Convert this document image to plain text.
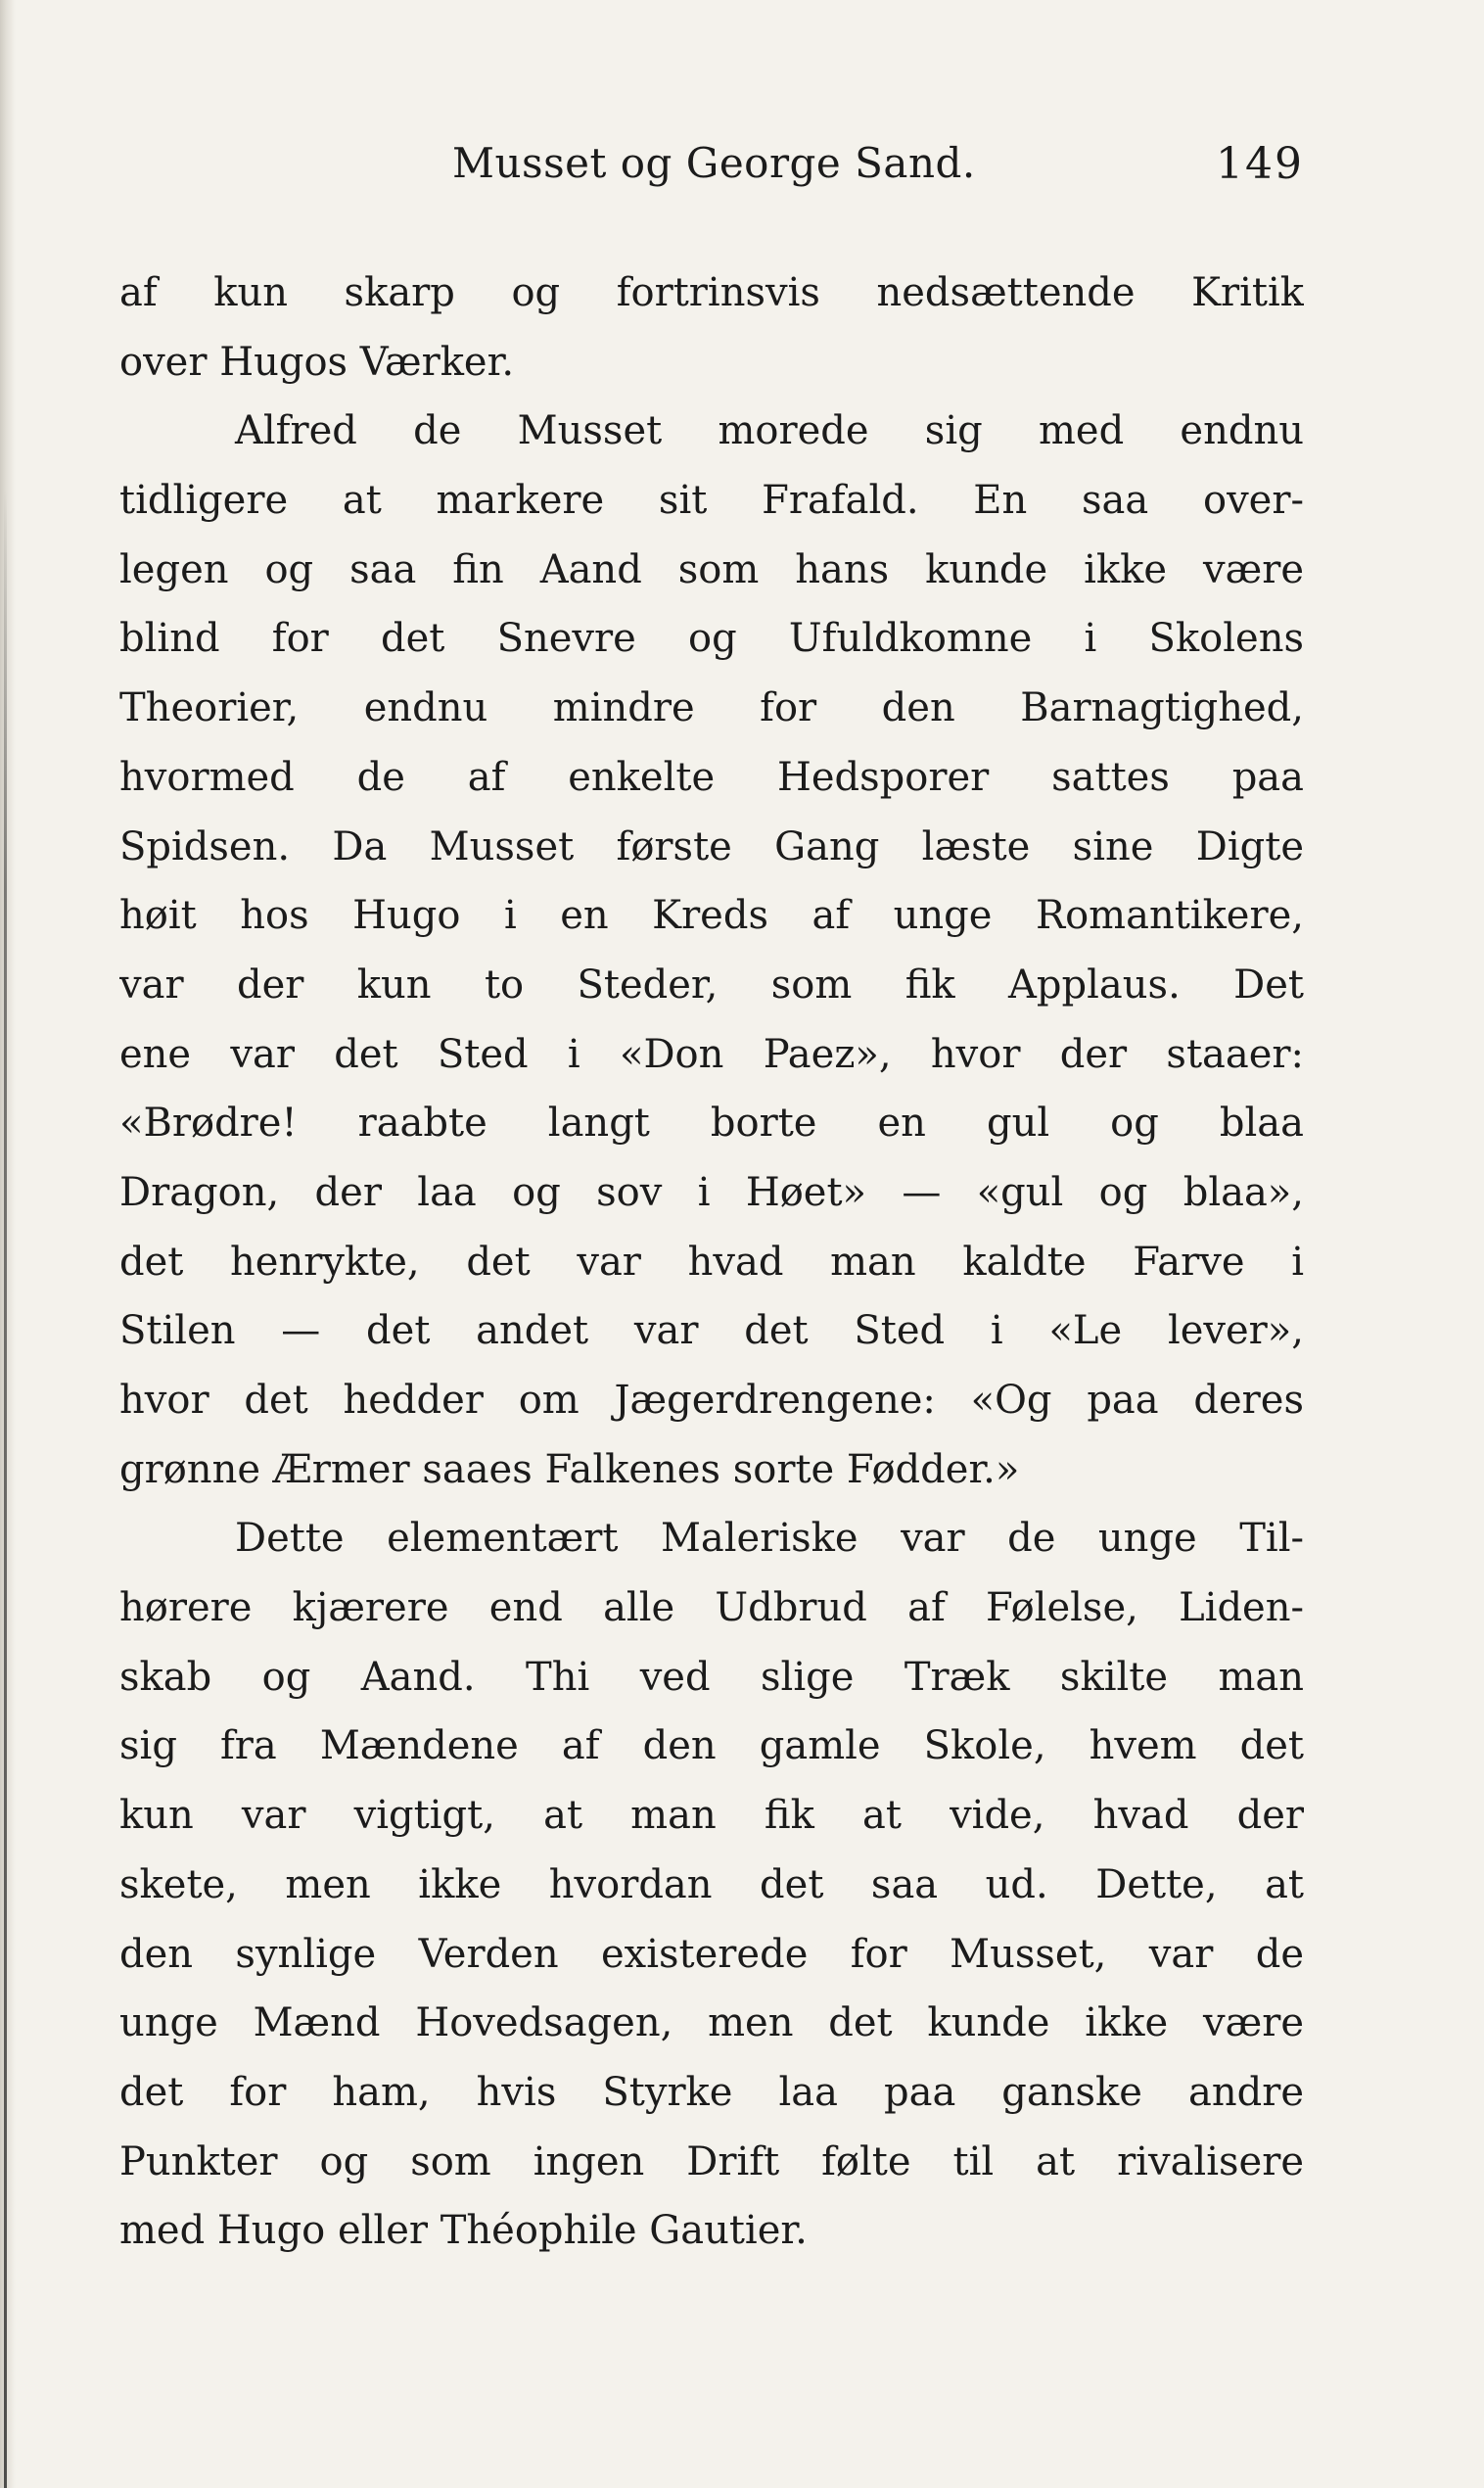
Musset og George Sand.	149
af kun skarp og fortrinsvis nedsættende Kritik
over Hugos Værker.
Alfred de Musset morede sig med endnu
tidligere at markere sit Frafald. En saa over-
legen og saa fin Aand som hans kunde ikke være
blind for det Snevre og Ufuldkomne i Skolens
Theorier, endnu mindre for den Barnagtighed,
hvormed de af enkelte Hedsporer sattes paa
Spidsen. Da Musset første Gang læste sine Digte
høit hos Hugo i en Kreds af unge Romantikere,
var der kun to Steder, som fik Applaus. Det
ene var det Sted i «Don Paez», hvor der staaer:
«Brødre! raabte langt borte en gul og blaa
Dragon, der laa og sov i Høet» — «gul og blaa»,
det henrykte, det var hvad man kaldte Farve i
Stilen — det andet var det Sted i «Le lever»,
hvor det hedder om Jægerdrengene: «Og paa deres
grønne Ærmer saaes Falkenes sorte Fødder.»
Dette elementært Maleriske var de unge Til-
hørere kjærere end alle Udbrud af Følelse, Liden-
skab og Aand. Thi ved slige Træk skilte man
sig fra Mændene af den gamle Skole, hvem det
kun var vigtigt, at man fik at vide, hvad der
skete, men ikke hvordan det saa ud. Dette, at
den synlige Verden existerede for Musset, var de
unge Mænd Hovedsagen, men det kunde ikke være
det for ham, hvis Styrke laa paa ganske andre
Punkter og som ingen Drift følte til at rivalisere
med Hugo eller Théophile Gautier.
